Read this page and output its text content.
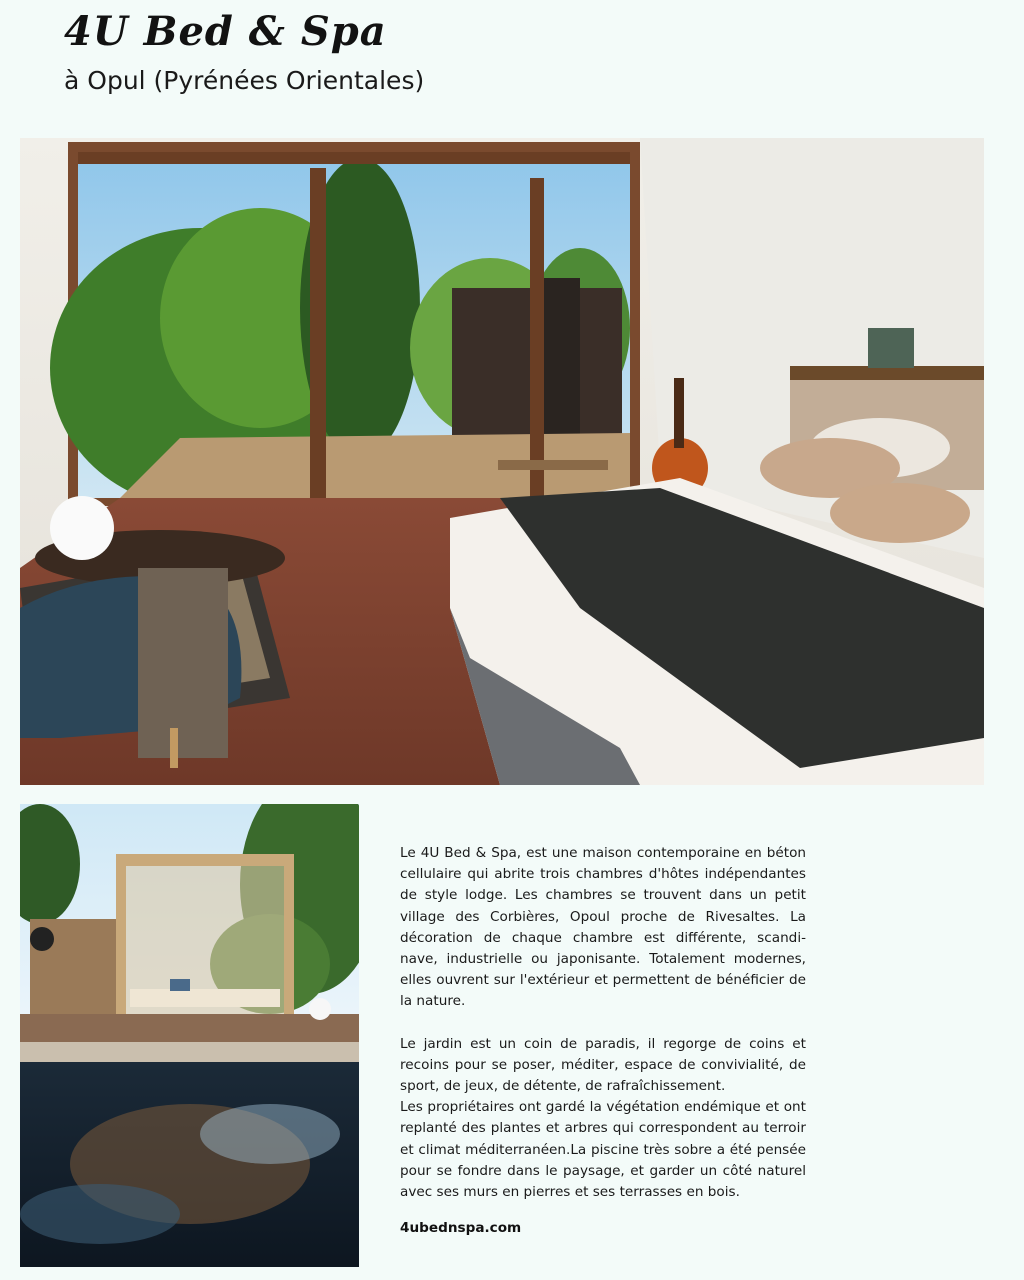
4U Bed & Spa
à Opul (Pyrénées Orientales)

Le 4U Bed & Spa, est une maison contemporaine en béton cellulaire qui abrite trois chambres d'hôtes indépendantes de style lodge. Les chambres se trouvent dans un petit village des Corbières, Opoul proche de Rivesaltes. La décoration de chaque chambre est différente, scandi- nave, industrielle ou japonisante. Totalement modernes, elles ouvrent sur l'extérieur et permettent de bénéficier de la nature.

Le jardin est un coin de paradis, il regorge de coins et recoins pour se poser, méditer, espace de convivialité, de sport, de jeux, de détente, de rafraîchissement.

Les propriétaires ont gardé la végétation endémique et ont replanté des plantes et arbres qui correspondent au terroir et climat méditerranéen.La piscine très sobre a été pensée pour se fondre dans le paysage, et garder un côté naturel avec ses murs en pierres et ses terrasses en bois.

4ubednspa.com
